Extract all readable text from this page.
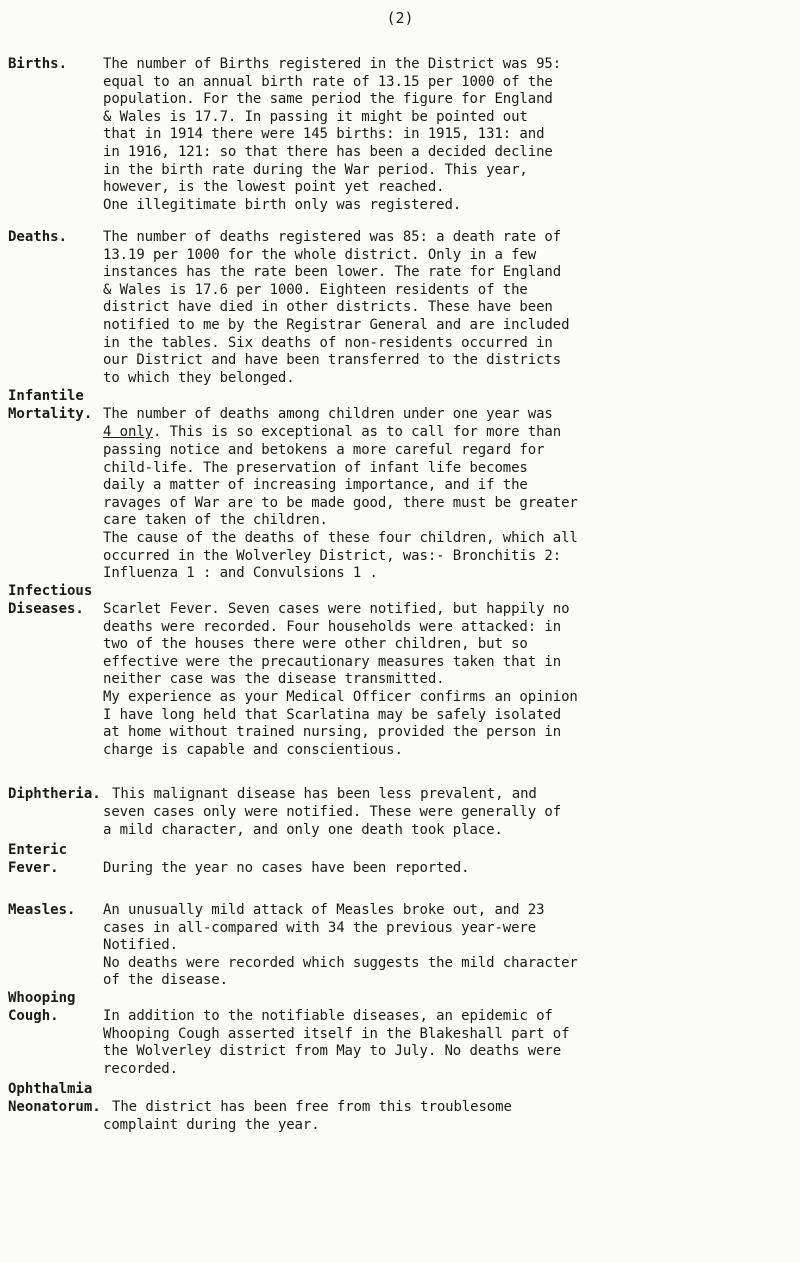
(2)
Births.	The number of Births registered in the District was 95:
equal to an annual birth rate of 13.15 per 1000 of the
population. For the same period the figure for England
& Wales is 17.7. In passing it might be pointed out
that in 1914 there were 145 births: in 1915, 131: and
in 1916, 121: so that there has been a decided decline
in the birth rate during the War period. This year,
however, is the lowest point yet reached.
One illegitimate birth only was registered.
Deaths.	The number of deaths registered was 85: a death rate of
13.19 per 1000 for the whole district. Only in a few
instances has the rate been lower. The rate for England
& Wales is 17.6 per 1000. Eighteen residents of the
district have died in other districts. These have been
notified to me by the Registrar General and are included
in the tables. Six deaths of non-residents occurred in
our District and have been transferred to the districts
to which they belonged.
Infantile
Mortality. The number of deaths among children under one year was
4 only. This is so exceptional as to call for more than
passing notice and betokens a more careful regard for
child-life. The preservation of infant life becomes
daily a matter of increasing importance, and if the
ravages of War are to be made good, there must be greater
care taken of the children.
The cause of the deaths of these four children, which all
occurred in the Wolverley District, was:- Bronchitis 2:
Influenza 1 : and Convulsions 1 .
Infectious
Diseases. Scarlet Fever. Seven cases were notified, but happily no
deaths were recorded. Four households were attacked: in
two of the houses there were other children, but so
effective were the precautionary measures taken that in
neither case was the disease transmitted.
My experience as your Medical Officer confirms an opinion
I have long held that Scarlatina may be safely isolated
at home without trained nursing, provided the person in
charge is capable and conscientious.
Diphtheria. This malignant disease has been less prevalent, and
seven cases only were notified. These were generally of
a mild character, and only one death took place.
Enteric
Fever.	During the year no cases have been reported.
Measles. An unusually mild attack of Measles broke out, and 23
cases in all-compared with 34 the previous year-were
Notified.
No deaths were recorded which suggests the mild character
of the disease.
Whooping
Cough.	In addition to the notifiable diseases, an epidemic of
Whooping Cough asserted itself in the Blakeshall part of
the Wolverley district from May to July. No deaths were
recorded.
Ophthalmia
Neonatorum. The district has been free from this troublesome
complaint during the year.
